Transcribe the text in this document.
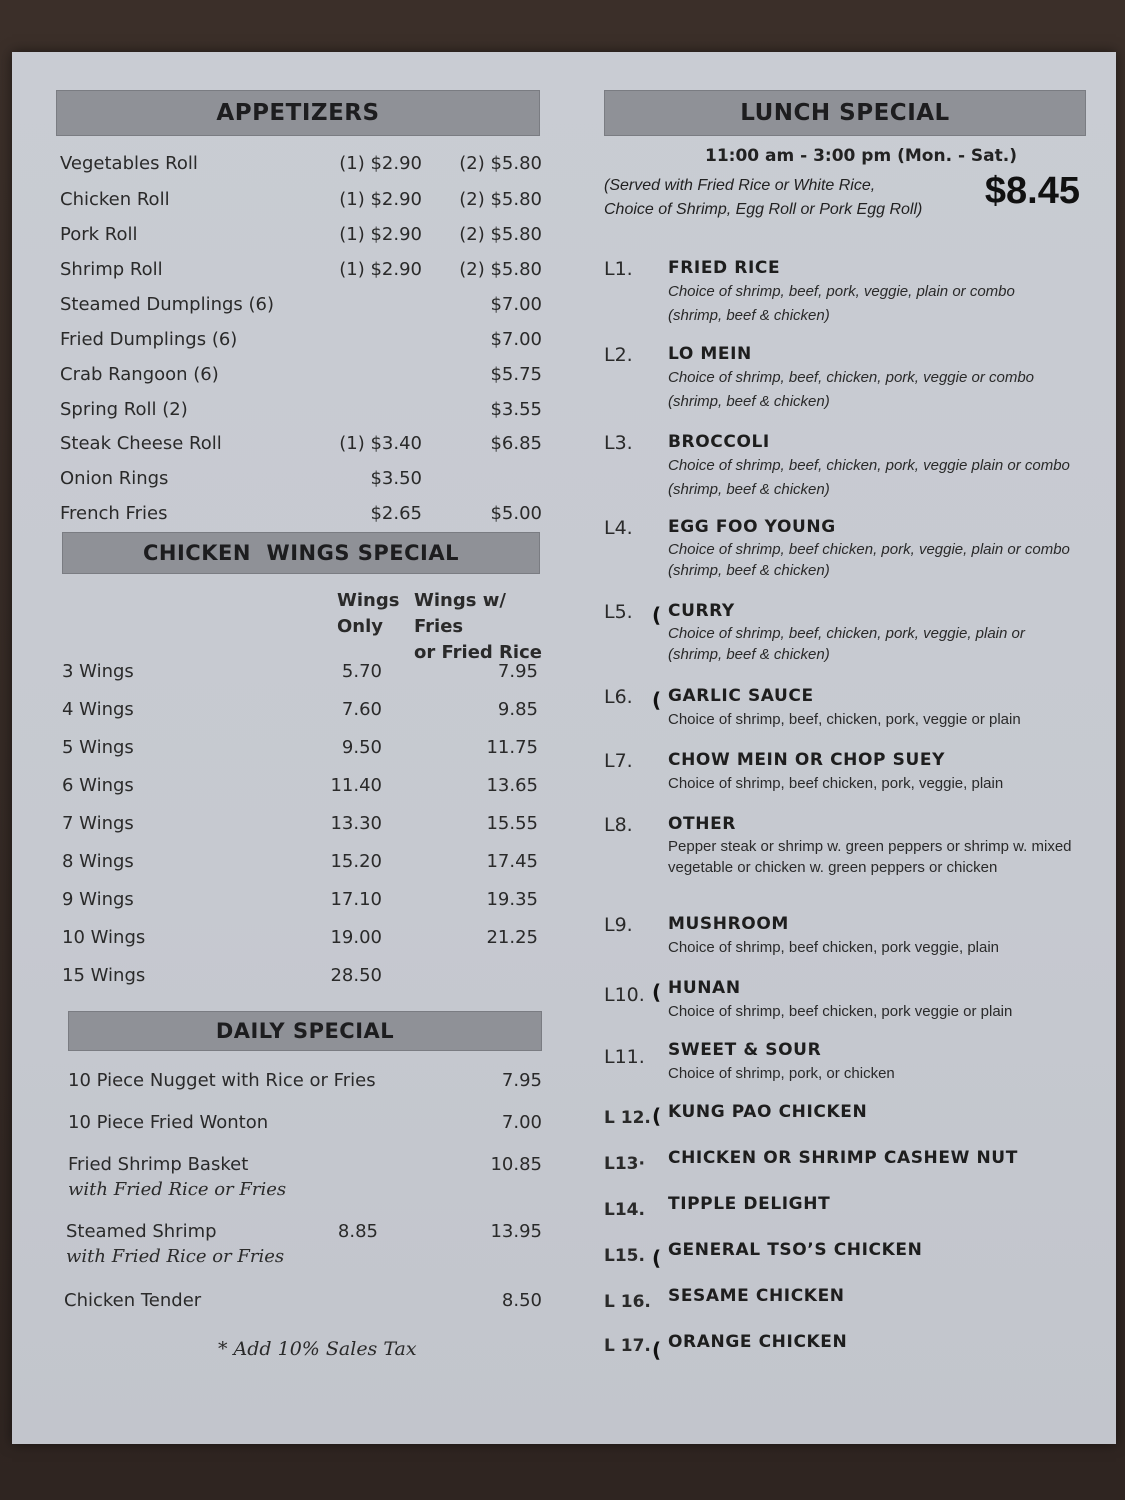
APPETIZERS
Vegetables Roll	(1) $2.90 (2) $5.80
Chicken Roll	(1) $2.90 (2) $5.80
Pork Roll	(1) $2.90 (2) $5.80
Shrimp Roll	(1) $2.90 (2) $5.80
Steamed Dumplings (6)	$7.00
Fried Dumplings (6)	$7.00
Crab Rangoon (6)	$5.75
Spring Roll (2)	$3.55
Steak Cheese Roll	(1) $3.40	$6.85
Onion Rings	$3.50
French Fries	$2.65	$5.00
CHICKEN  WINGS SPECIAL
Wings
Only
Wings w/ Fries
or Fried Rice
3 Wings	5.70	7.95
4 Wings	7.60	9.85
5 Wings	9.50	11.75
6 Wings	11.40	13.65
7 Wings	13.30	15.55
8 Wings	15.20	17.45
9 Wings	17.10	19.35
10 Wings	19.00	21.25
15 Wings	28.50
DAILY SPECIAL
10 Piece Nugget with Rice or Fries	7.95
10 Piece Fried Wonton	7.00
Fried Shrimp Basket	10.85
with Fried Rice or Fries
Steamed Shrimp	8.85	13.95
with Fried Rice or Fries
Chicken Tender	8.50
* Add 10% Sales Tax
LUNCH SPECIAL
11:00 am - 3:00 pm (Mon. - Sat.)
(Served with Fried Rice or White Rice,
Choice of Shrimp, Egg Roll or Pork Egg Roll)	$8.45
L1. FRIED RICE
Choice of shrimp, beef, pork, veggie, plain or combo
(shrimp, beef & chicken)
L2. LO MEIN
Choice of shrimp, beef, chicken, pork, veggie or combo
(shrimp, beef & chicken)
L3. BROCCOLI
Choice of shrimp, beef, chicken, pork, veggie plain or combo
(shrimp, beef & chicken)
L4. EGG FOO YOUNG
Choice of shrimp, beef chicken, pork, veggie, plain or combo
(shrimp, beef & chicken)
L5. ( CURRY
Choice of shrimp, beef, chicken, pork, veggie, plain or
(shrimp, beef & chicken)
L6. ( GARLIC SAUCE
Choice of shrimp, beef, chicken, pork, veggie or plain
L7. CHOW MEIN OR CHOP SUEY
Choice of shrimp, beef chicken, pork, veggie, plain
L8. OTHER
Pepper steak or shrimp w. green peppers or shrimp w. mixed
vegetable or chicken w. green peppers or chicken
L9. MUSHROOM
Choice of shrimp, beef chicken, pork veggie, plain
L10. ( HUNAN
Choice of shrimp, beef chicken, pork veggie or plain
L11. SWEET & SOUR
Choice of shrimp, pork, or chicken
L 12. ( KUNG PAO CHICKEN
L13· CHICKEN OR SHRIMP CASHEW NUT
L14. TIPPLE DELIGHT
L15. ( GENERAL TSO’S CHICKEN
L 16. SESAME CHICKEN
L 17. ( ORANGE CHICKEN
